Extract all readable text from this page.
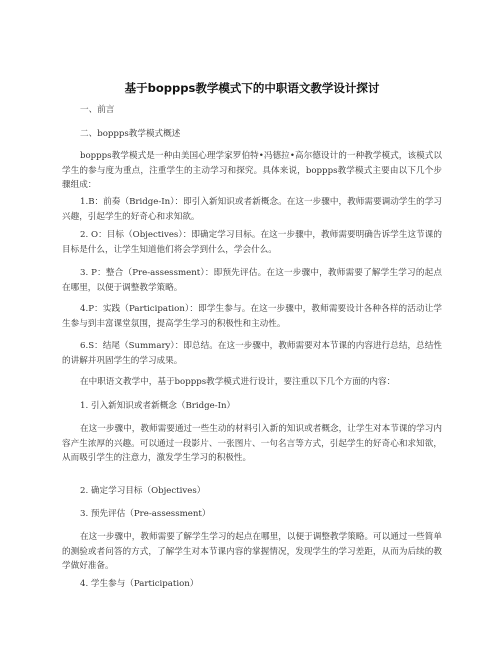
基于boppps教学模式下的中职语文教学设计探讨
一、前言
二、boppps教学模式概述

boppps教学模式是一种由美国心理学家罗伯特•冯德拉•高尔德设计的一种教学模式，该模式以学生的参与度为重点，注重学生的主动学习和探究。具体来说，boppps教学模式主要由以下几个步骤组成：

1.B：前奏（Bridge-In）：即引入新知识或者新概念。在这一步骤中，教师需要调动学生的学习兴趣，引起学生的好奇心和求知欲。

2. O：目标（Objectives）：即确定学习目标。在这一步骤中，教师需要明确告诉学生这节课的目标是什么，让学生知道他们将会学到什么，学会什么。

3. P：整合（Pre-assessment）：即预先评估。在这一步骤中，教师需要了解学生学习的起点在哪里，以便于调整教学策略。

4.P：实践（Participation）：即学生参与。在这一步骤中，教师需要设计各种各样的活动让学生参与到丰富课堂氛围，提高学生学习的积极性和主动性。

6.S：结尾（Summary）：即总结。在这一步骤中，教师需要对本节课的内容进行总结，总结性的讲解并巩固学生的学习成果。

在中职语文教学中，基于boppps教学模式进行设计，要注重以下几个方面的内容：

1. 引入新知识或者新概念（Bridge-In）

在这一步骤中，教师需要通过一些生动的材料引入新的知识或者概念，让学生对本节课的学习内容产生浓厚的兴趣。可以通过一段影片、一张图片、一句名言等方式，引起学生的好奇心和求知欲，从而吸引学生的注意力，激发学生学习的积极性。

2. 确定学习目标（Objectives）
3. 预先评估（Pre-assessment）

在这一步骤中，教师需要了解学生学习的起点在哪里，以便于调整教学策略。可以通过一些简单的测验或者问答的方式，了解学生对本节课内容的掌握情况，发现学生的学习差距，从而为后续的教学做好准备。

4. 学生参与（Participation）
